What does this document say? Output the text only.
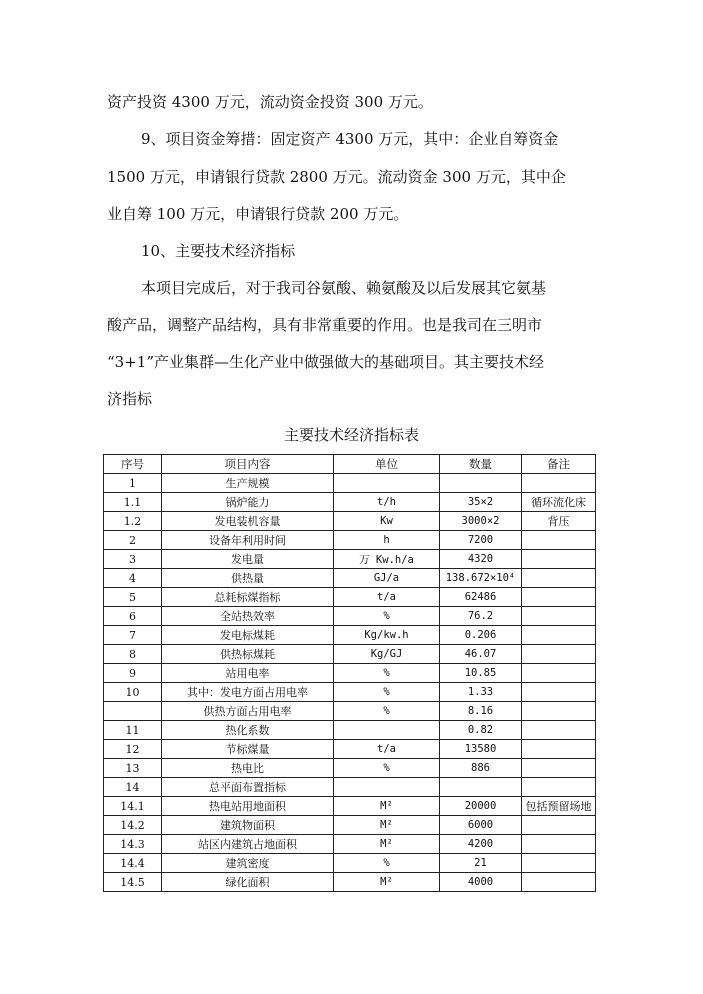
资产投资 4300 万元，流动资金投资 300 万元。
9、项目资金筹措：固定资产 4300 万元，其中：企业自筹资金
1500 万元，申请银行贷款 2800 万元。流动资金 300 万元，其中企
业自筹 100 万元，申请银行贷款 200 万元。
10、主要技术经济指标
本项目完成后，对于我司谷氨酸、赖氨酸及以后发展其它氨基
酸产品，调整产品结构，具有非常重要的作用。也是我司在三明市
“3+1”产业集群—生化产业中做强做大的基础项目。其主要技术经
济指标
主要技术经济指标表
序号	项目内容	单位	数量	备注
1	生产规模			
1.1	锅炉能力	t/h	35×2	循环流化床
1.2	发电装机容量	Kw	3000×2	背压
2	设备年利用时间	h	7200	
3	发电量	万 Kw.h/a	4320	
4	供热量	GJ/a	138.672×10⁴	
5	总耗标煤指标	t/a	62486	
6	全站热效率	%	76.2	
7	发电标煤耗	Kg/kw.h	0.206	
8	供热标煤耗	Kg/GJ	46.07	
9	站用电率	%	10.85	
10	其中：发电方面占用电率	%	1.33	
	供热方面占用电率	%	8.16	
11	热化系数		0.82	
12	节标煤量	t/a	13580	
13	热电比	%	886	
14	总平面布置指标			
14.1	热电站用地面积	M²	20000	包括预留场地
14.2	建筑物面积	M²	6000	
14.3	站区内建筑占地面积	M²	4200	
14.4	建筑密度	%	21	
14.5	绿化面积	M²	4000	
